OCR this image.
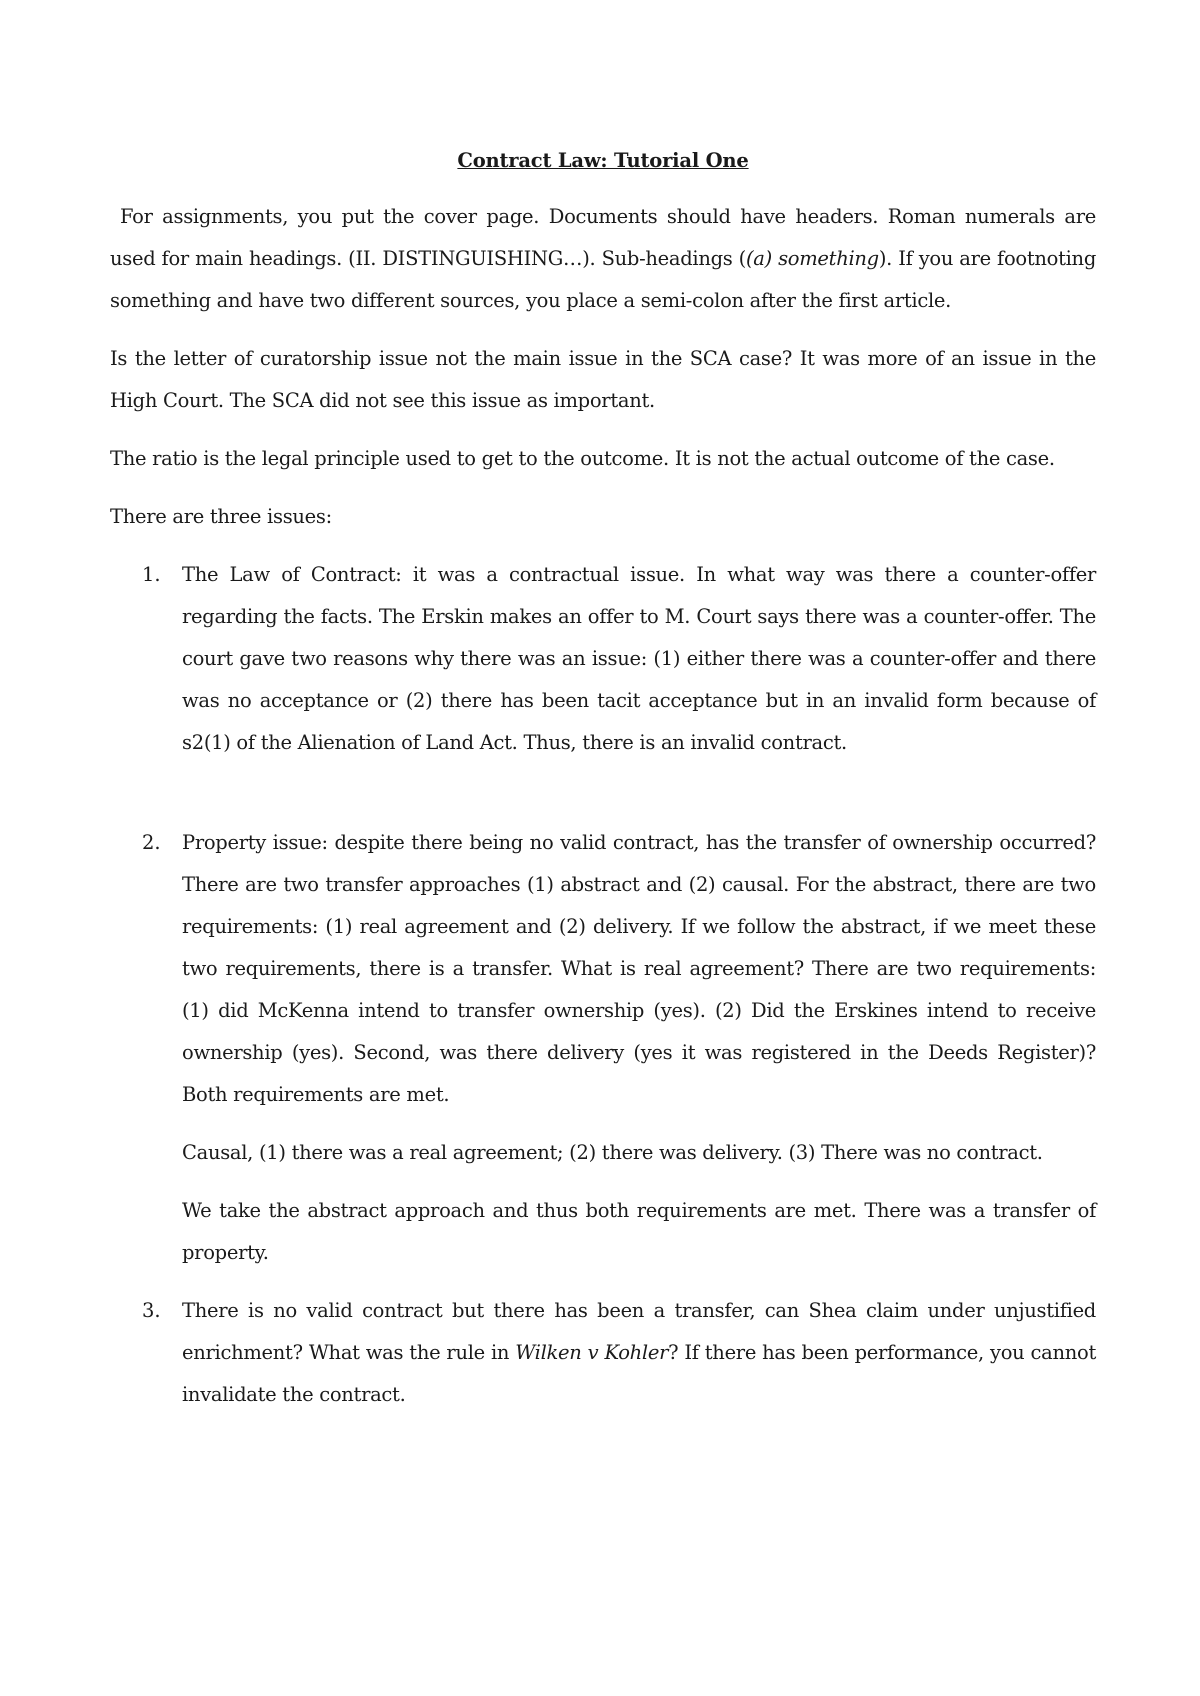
Contract Law: Tutorial One

For assignments, you put the cover page. Documents should have headers. Roman numerals are used for main headings. (II. DISTINGUISHING…). Sub-headings ((a) something). If you are footnoting something and have two different sources, you place a semi-colon after the first article.

Is the letter of curatorship issue not the main issue in the SCA case? It was more of an issue in the High Court. The SCA did not see this issue as important.

The ratio is the legal principle used to get to the outcome. It is not the actual outcome of the case.

There are three issues:

1. The Law of Contract: it was a contractual issue. In what way was there a counter-offer regarding the facts. The Erskin makes an offer to M. Court says there was a counter-offer. The court gave two reasons why there was an issue: (1) either there was a counter-offer and there was no acceptance or (2) there has been tacit acceptance but in an invalid form because of s2(1) of the Alienation of Land Act. Thus, there is an invalid contract.

2. Property issue: despite there being no valid contract, has the transfer of ownership occurred? There are two transfer approaches (1) abstract and (2) causal. For the abstract, there are two requirements: (1) real agreement and (2) delivery. If we follow the abstract, if we meet these two requirements, there is a transfer. What is real agreement? There are two requirements: (1) did McKenna intend to transfer ownership (yes). (2) Did the Erskines intend to receive ownership (yes). Second, was there delivery (yes it was registered in the Deeds Register)? Both requirements are met.

Causal, (1) there was a real agreement; (2) there was delivery. (3) There was no contract.

We take the abstract approach and thus both requirements are met. There was a transfer of property.

3. There is no valid contract but there has been a transfer, can Shea claim under unjustified enrichment? What was the rule in Wilken v Kohler? If there has been performance, you cannot invalidate the contract.
